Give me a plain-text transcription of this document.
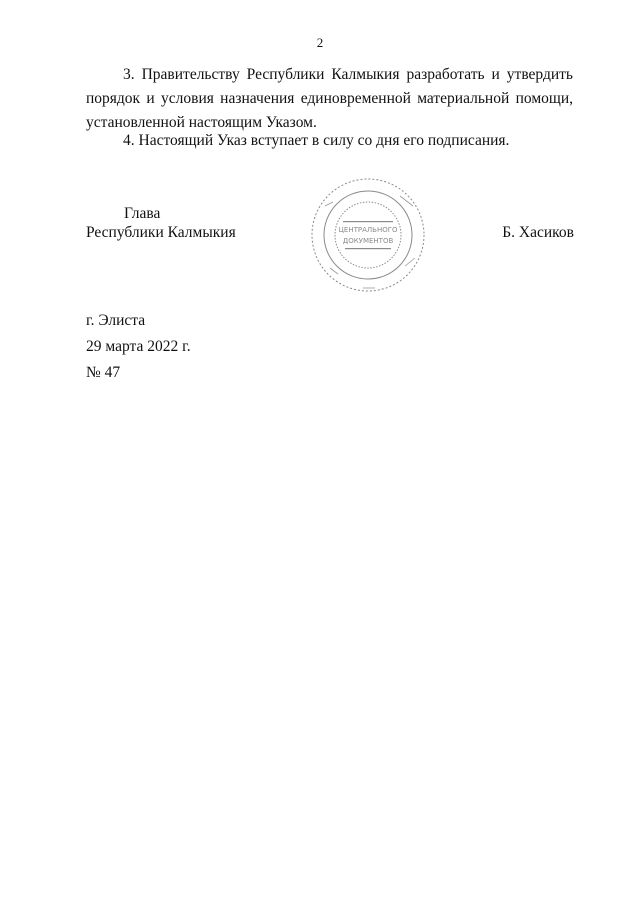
2
3. Правительству Республики Калмыкия разработать и утвердить порядок и условия назначения единовременной материальной помощи, установленной настоящим Указом.
4. Настоящий Указ вступает в силу со дня его подписания.
Глава
Республики Калмыкия	ЦЕНТРАЛЬНОГО
ДОКУМЕНТОВ	Б. Хасиков
г. Элиста
29 марта 2022 г.
№ 47
